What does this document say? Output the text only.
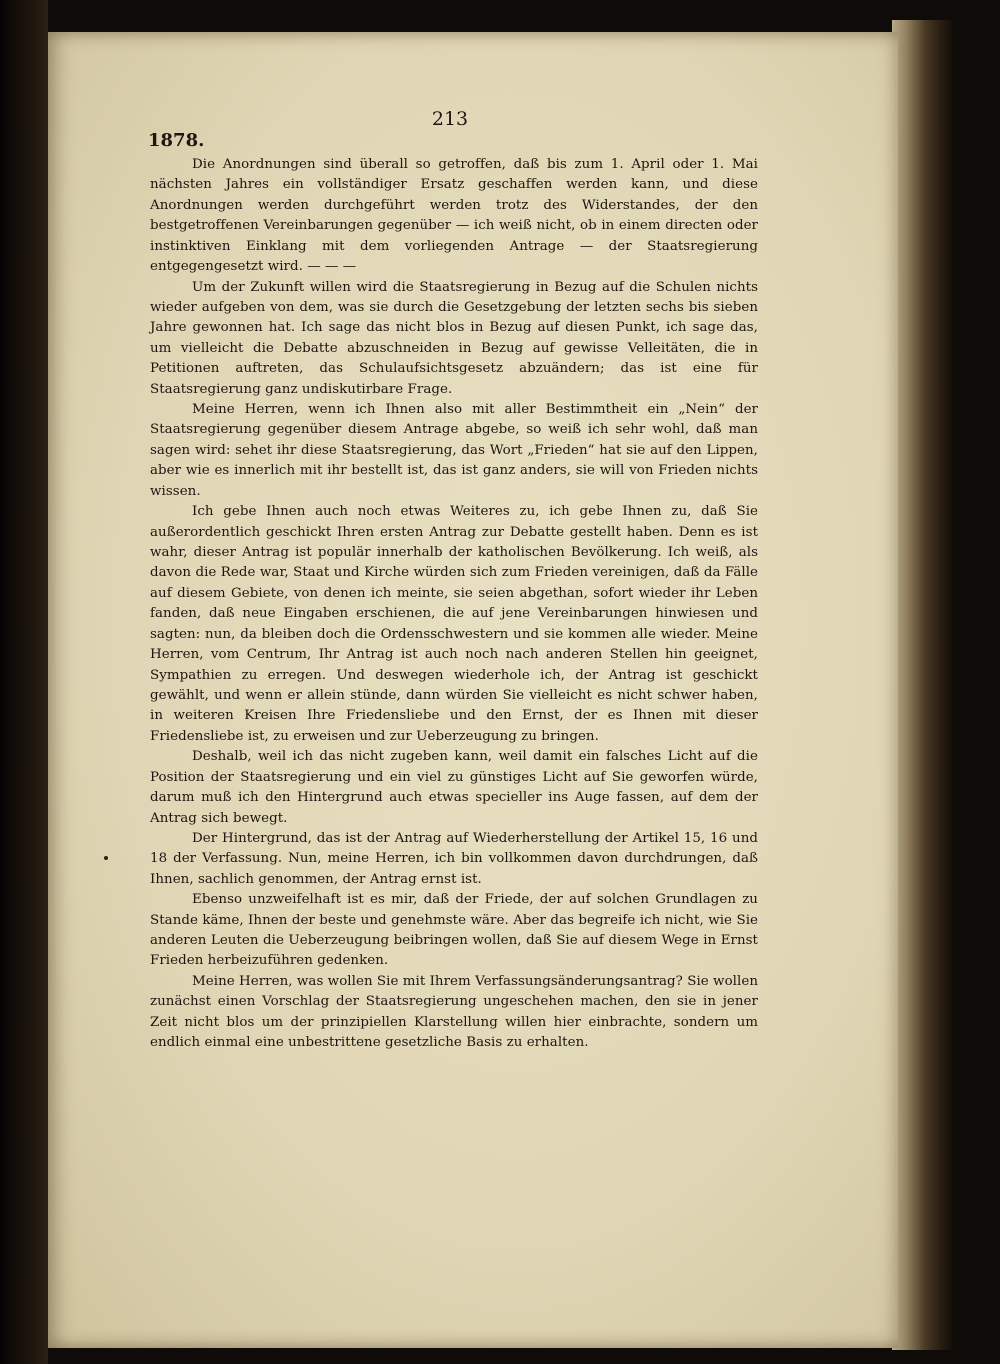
213
1878.

Die Anordnungen sind überall so getroffen, daß bis zum 1. April oder 1. Mai nächsten Jahres ein vollständiger Ersatz geschaffen werden kann, und diese Anordnungen werden durchgeführt werden trotz des Widerstandes, der den bestgetroffenen Vereinbarungen gegenüber — ich weiß nicht, ob in einem directen oder instinktiven Einklang mit dem vorliegenden Antrage — der Staatsregierung entgegengesetzt wird. — — —

Um der Zukunft willen wird die Staatsregierung in Bezug auf die Schulen nichts wieder aufgeben von dem, was sie durch die Gesetzgebung der letzten sechs bis sieben Jahre gewonnen hat. Ich sage das nicht blos in Bezug auf diesen Punkt, ich sage das, um vielleicht die Debatte abzuschneiden in Bezug auf gewisse Velleitäten, die in Petitionen auftreten, das Schulaufsichtsgesetz abzuändern; das ist eine für Staatsregierung ganz undiskutirbare Frage.

Meine Herren, wenn ich Ihnen also mit aller Bestimmtheit ein „Nein“ der Staatsregierung gegenüber diesem Antrage abgebe, so weiß ich sehr wohl, daß man sagen wird: sehet ihr diese Staatsregierung, das Wort „Frieden“ hat sie auf den Lippen, aber wie es innerlich mit ihr bestellt ist, das ist ganz anders, sie will von Frieden nichts wissen.

Ich gebe Ihnen auch noch etwas Weiteres zu, ich gebe Ihnen zu, daß Sie außerordentlich geschickt Ihren ersten Antrag zur Debatte gestellt haben. Denn es ist wahr, dieser Antrag ist populär innerhalb der katholischen Bevölkerung. Ich weiß, als davon die Rede war, Staat und Kirche würden sich zum Frieden vereinigen, daß da Fälle auf diesem Gebiete, von denen ich meinte, sie seien abgethan, sofort wieder ihr Leben fanden, daß neue Eingaben erschienen, die auf jene Vereinbarungen hinwiesen und sagten: nun, da bleiben doch die Ordensschwestern und sie kommen alle wieder. Meine Herren, vom Centrum, Ihr Antrag ist auch noch nach anderen Stellen hin geeignet, Sympathien zu erregen. Und deswegen wiederhole ich, der Antrag ist geschickt gewählt, und wenn er allein stünde, dann würden Sie vielleicht es nicht schwer haben, in weiteren Kreisen Ihre Friedensliebe und den Ernst, der es Ihnen mit dieser Friedensliebe ist, zu erweisen und zur Ueberzeugung zu bringen.

Deshalb, weil ich das nicht zugeben kann, weil damit ein falsches Licht auf die Position der Staatsregierung und ein viel zu günstiges Licht auf Sie geworfen würde, darum muß ich den Hintergrund auch etwas specieller ins Auge fassen, auf dem der Antrag sich bewegt.

Der Hintergrund, das ist der Antrag auf Wiederherstellung der Artikel 15, 16 und 18 der Verfassung. Nun, meine Herren, ich bin vollkommen davon durchdrungen, daß Ihnen, sachlich genommen, der Antrag ernst ist.

Ebenso unzweifelhaft ist es mir, daß der Friede, der auf solchen Grundlagen zu Stande käme, Ihnen der beste und genehmste wäre. Aber das begreife ich nicht, wie Sie anderen Leuten die Ueberzeugung beibringen wollen, daß Sie auf diesem Wege in Ernst Frieden herbeizuführen gedenken.

Meine Herren, was wollen Sie mit Ihrem Verfassungsänderungsantrag? Sie wollen zunächst einen Vorschlag der Staatsregierung ungeschehen machen, den sie in jener Zeit nicht blos um der prinzipiellen Klarstellung willen hier einbrachte, sondern um endlich einmal eine unbestrittene gesetzliche Basis zu erhalten.
